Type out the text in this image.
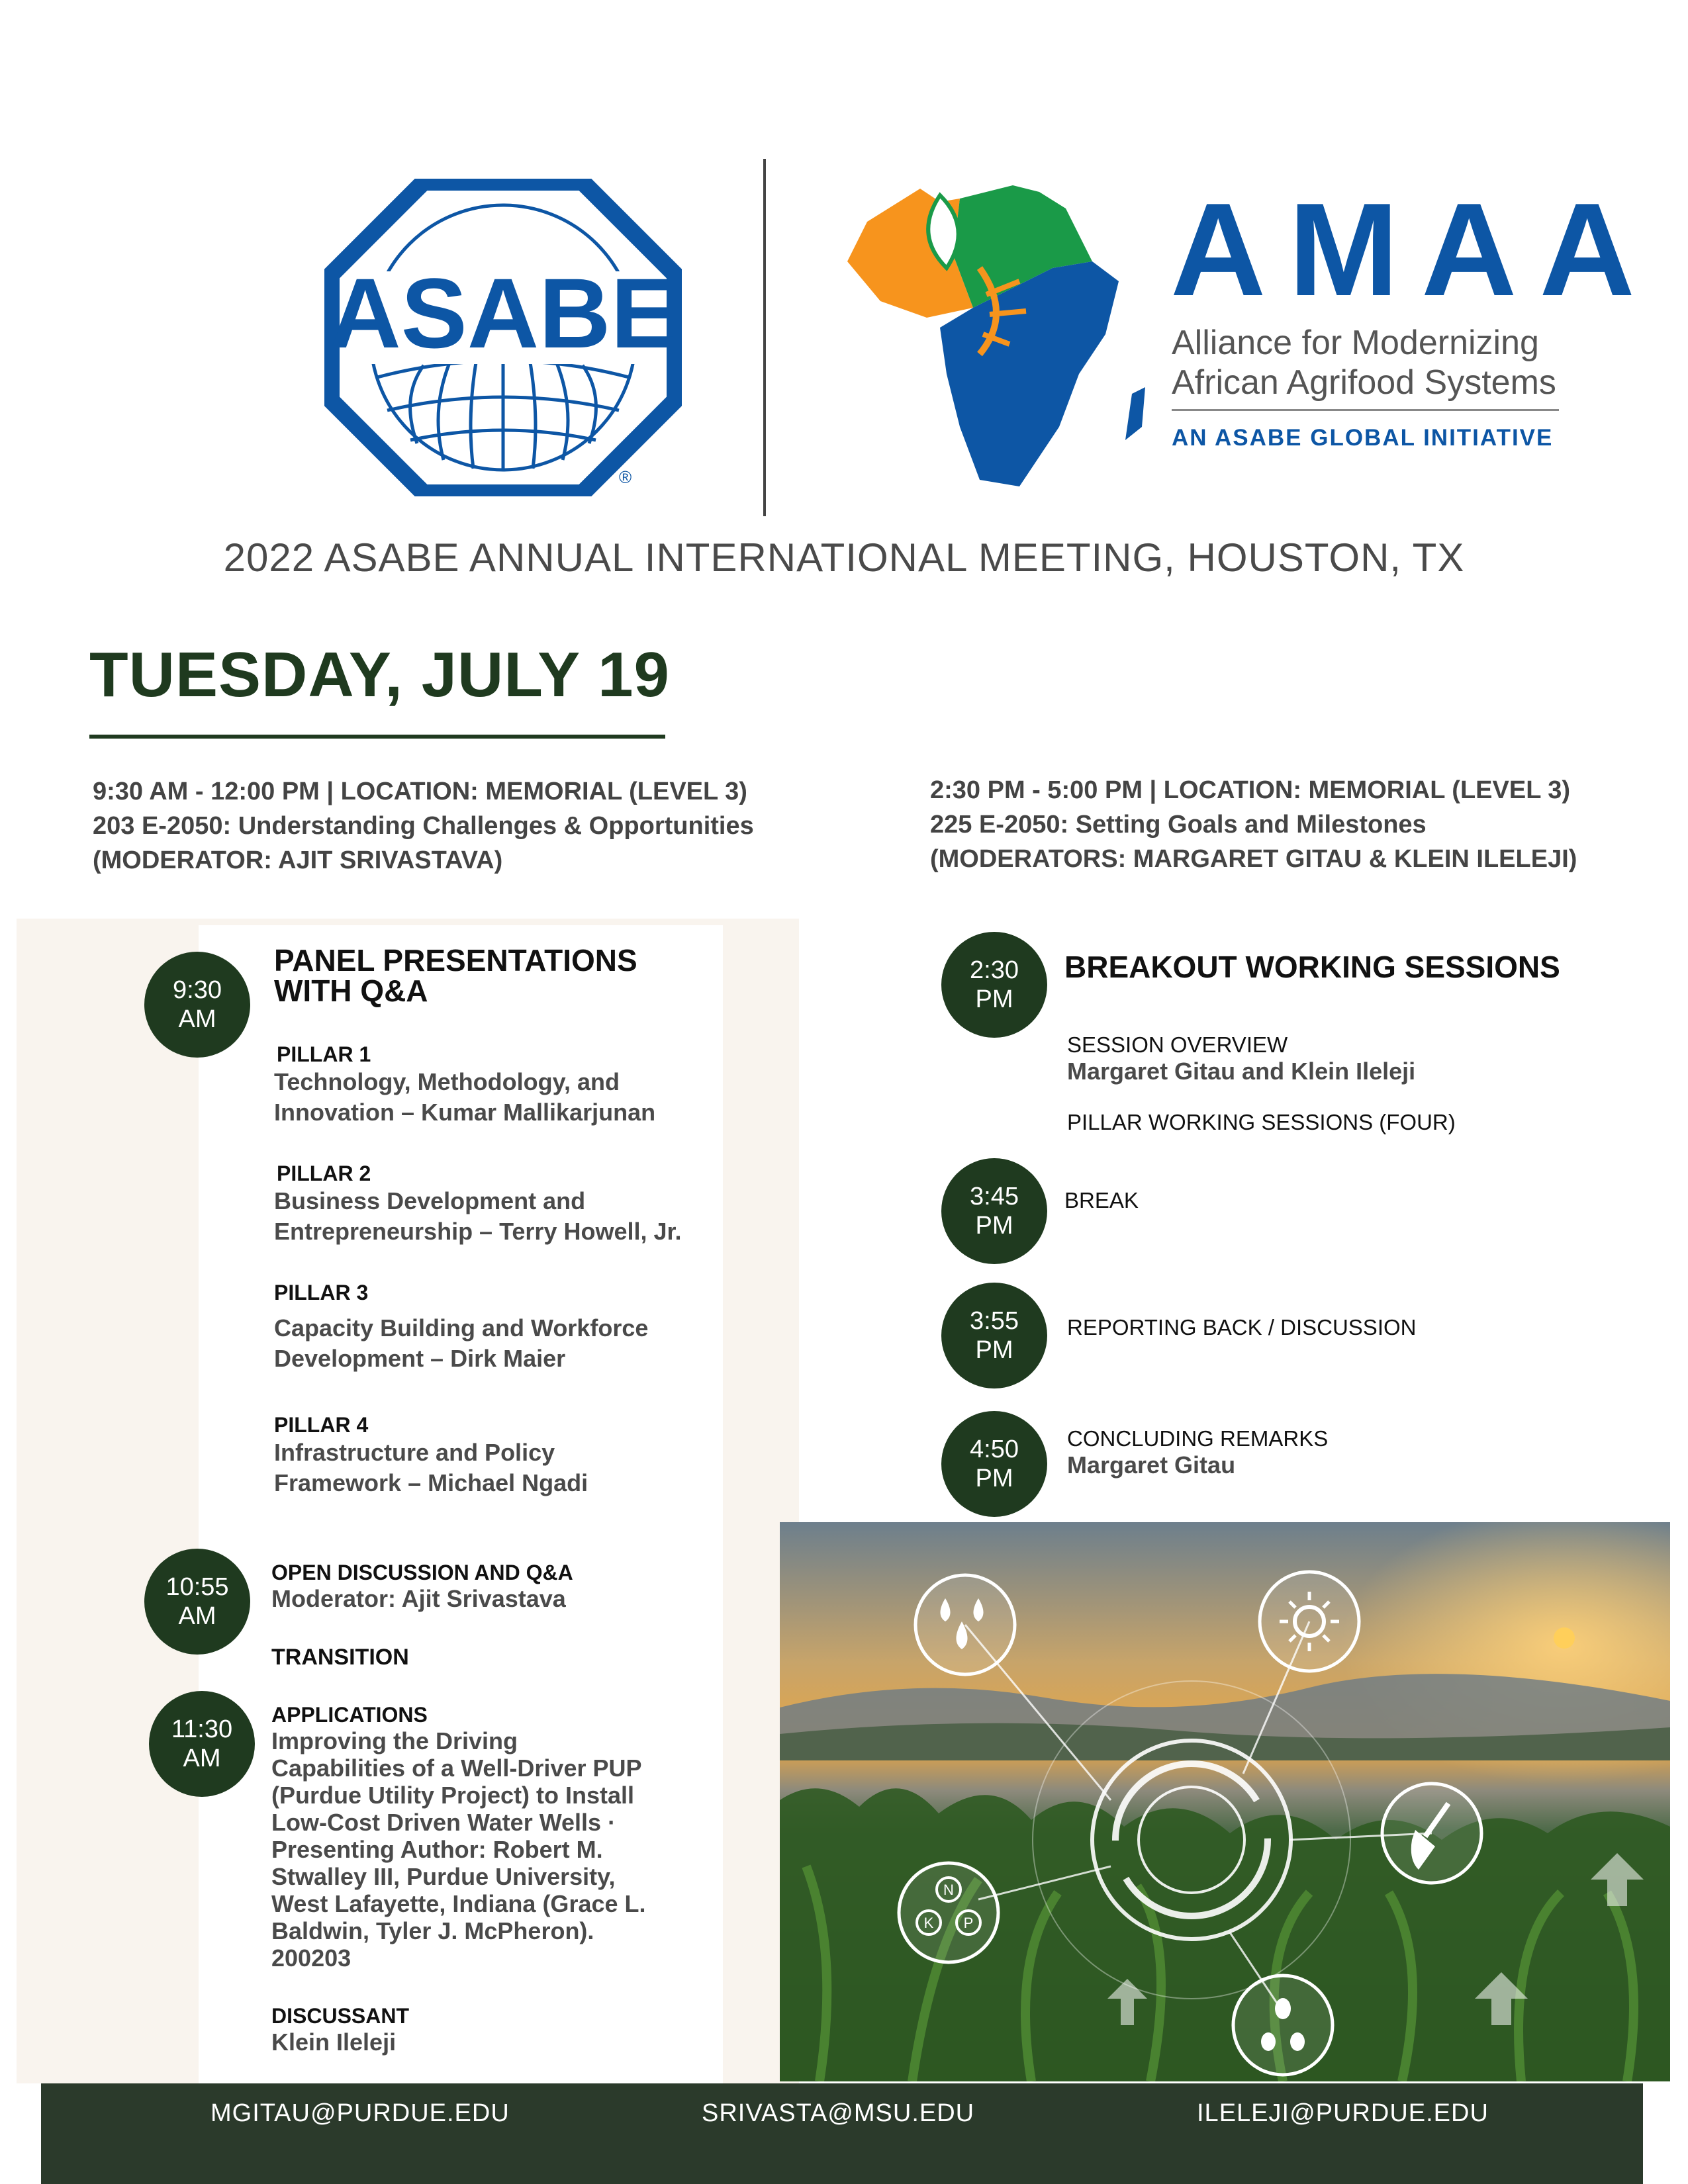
ASABE
®
AMAA
Alliance for Modernizing
African Agrifood Systems
AN ASABE GLOBAL INITIATIVE
2022 ASABE ANNUAL INTERNATIONAL MEETING, HOUSTON, TX
TUESDAY, JULY 19
9:30 AM - 12:00 PM | LOCATION: MEMORIAL (LEVEL 3)
203 E-2050: Understanding Challenges & Opportunities
(MODERATOR: AJIT SRIVASTAVA)
2:30 PM - 5:00 PM | LOCATION: MEMORIAL (LEVEL 3)
225 E-2050: Setting Goals and Milestones
(MODERATORS: MARGARET GITAU & KLEIN ILELEJI)
9:30
AM
PANEL PRESENTATIONS
WITH Q&A
PILLAR 1
Technology, Methodology, and
Innovation – Kumar Mallikarjunan
PILLAR 2
Business Development and
Entrepreneurship – Terry Howell, Jr.
PILLAR 3
Capacity Building and Workforce
Development – Dirk Maier
PILLAR 4
Infrastructure and Policy
Framework – Michael Ngadi
10:55
AM
OPEN DISCUSSION AND Q&A
Moderator: Ajit Srivastava
TRANSITION
11:30
AM
APPLICATIONS
Improving the Driving
Capabilities of a Well-Driver PUP
(Purdue Utility Project) to Install
Low-Cost Driven Water Wells ·
Presenting Author: Robert M.
Stwalley III, Purdue University,
West Lafayette, Indiana (Grace L.
Baldwin, Tyler J. McPheron).
200203
DISCUSSANT
Klein Ileleji
2:30
PM
BREAKOUT WORKING SESSIONS
SESSION OVERVIEW
Margaret Gitau and Klein Ileleji
PILLAR WORKING SESSIONS (FOUR)
3:45
PM
BREAK
3:55
PM
REPORTING BACK / DISCUSSION
4:50
PM
CONCLUDING REMARKS
Margaret Gitau
N
K P
MGITAU@PURDUE.EDU	SRIVASTA@MSU.EDU	ILELEJI@PURDUE.EDU
